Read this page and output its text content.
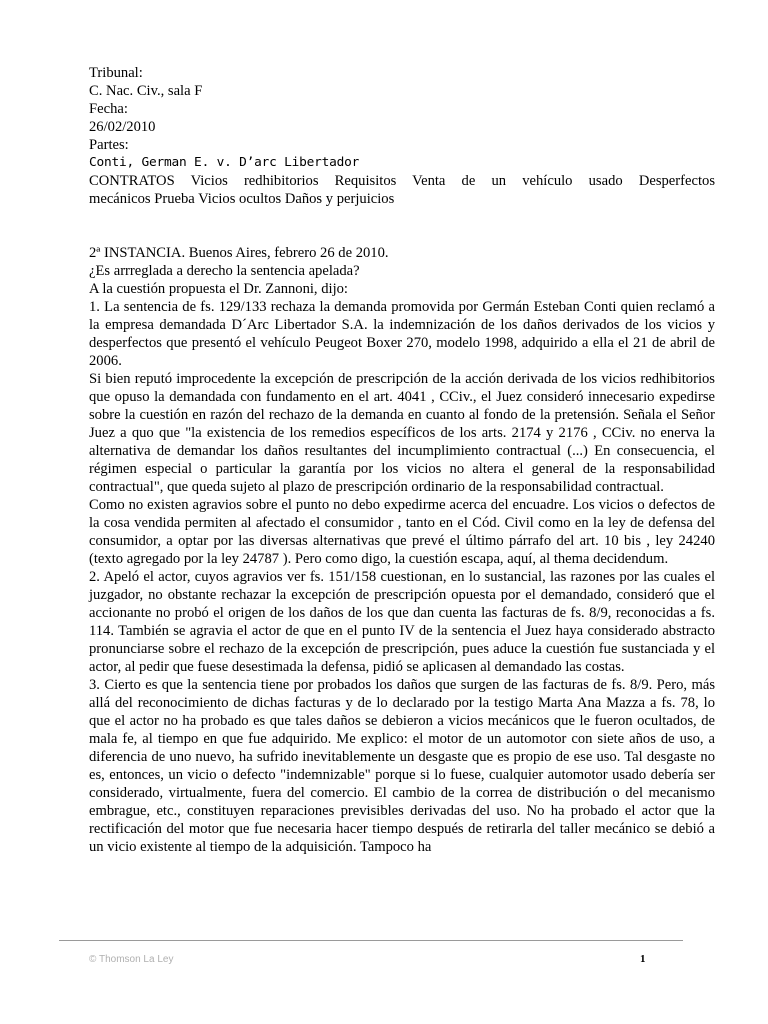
Tribunal:
C. Nac. Civ., sala F
Fecha:
26/02/2010
Partes:
Conti, German E. v. D’arc Libertador
CONTRATOS Vicios redhibitorios Requisitos Venta de un vehículo usado Desperfectos
mecánicos Prueba Vicios ocultos Daños y perjuicios
2ª INSTANCIA. Buenos Aires, febrero 26 de 2010.
¿Es arrreglada a derecho la sentencia apelada?
A la cuestión propuesta el Dr. Zannoni, dijo:

1. La sentencia de fs. 129/133 rechaza la demanda promovida por Germán Esteban Conti quien reclamó a la empresa demandada D´Arc Libertador S.A. la indemnización de los daños derivados de los vicios y desperfectos que presentó el vehículo Peugeot Boxer 270, modelo 1998, adquirido a ella el 21 de abril de 2006.

Si bien reputó improcedente la excepción de prescripción de la acción derivada de los vicios redhibitorios que opuso la demandada con fundamento en el art. 4041 , CCiv., el Juez consideró innecesario expedirse sobre la cuestión en razón del rechazo de la demanda en cuanto al fondo de la pretensión. Señala el Señor Juez a quo que "la existencia de los remedios específicos de los arts. 2174 y 2176 , CCiv. no enerva la alternativa de demandar los daños resultantes del incumplimiento contractual (...) En consecuencia, el régimen especial o particular la garantía por los vicios no altera el general de la responsabilidad contractual", que queda sujeto al plazo de prescripción ordinario de la responsabilidad contractual.

Como no existen agravios sobre el punto no debo expedirme acerca del encuadre. Los vicios o defectos de la cosa vendida permiten al afectado el consumidor , tanto en el Cód. Civil como en la ley de defensa del consumidor, a optar por las diversas alternativas que prevé el último párrafo del art. 10 bis , ley 24240 (texto agregado por la ley 24787 ). Pero como digo, la cuestión escapa, aquí, al thema decidendum.

2. Apeló el actor, cuyos agravios ver fs. 151/158 cuestionan, en lo sustancial, las razones por las cuales el juzgador, no obstante rechazar la excepción de prescripción opuesta por el demandado, consideró que el accionante no probó el origen de los daños de los que dan cuenta las facturas de fs. 8/9, reconocidas a fs. 114. También se agravia el actor de que en el punto IV de la sentencia el Juez haya considerado abstracto pronunciarse sobre el rechazo de la excepción de prescripción, pues aduce la cuestión fue sustanciada y el actor, al pedir que fuese desestimada la defensa, pidió se aplicasen al demandado las costas.

3. Cierto es que la sentencia tiene por probados los daños que surgen de las facturas de fs. 8/9. Pero, más allá del reconocimiento de dichas facturas y de lo declarado por la testigo Marta Ana Mazza a fs. 78, lo que el actor no ha probado es que tales daños se debieron a vicios mecánicos que le fueron ocultados, de mala fe, al tiempo en que fue adquirido. Me explico: el motor de un automotor con siete años de uso, a diferencia de uno nuevo, ha sufrido inevitablemente un desgaste que es propio de ese uso. Tal desgaste no es, entonces, un vicio o defecto "indemnizable" porque si lo fuese, cualquier automotor usado debería ser considerado, virtualmente, fuera del comercio. El cambio de la correa de distribución o del mecanismo embrague, etc., constituyen reparaciones previsibles derivadas del uso. No ha probado el actor que la rectificación del motor que fue necesaria hacer tiempo después de retirarla del taller mecánico se debió a un vicio existente al tiempo de la adquisición. Tampoco ha

© Thomson La Ley	1
